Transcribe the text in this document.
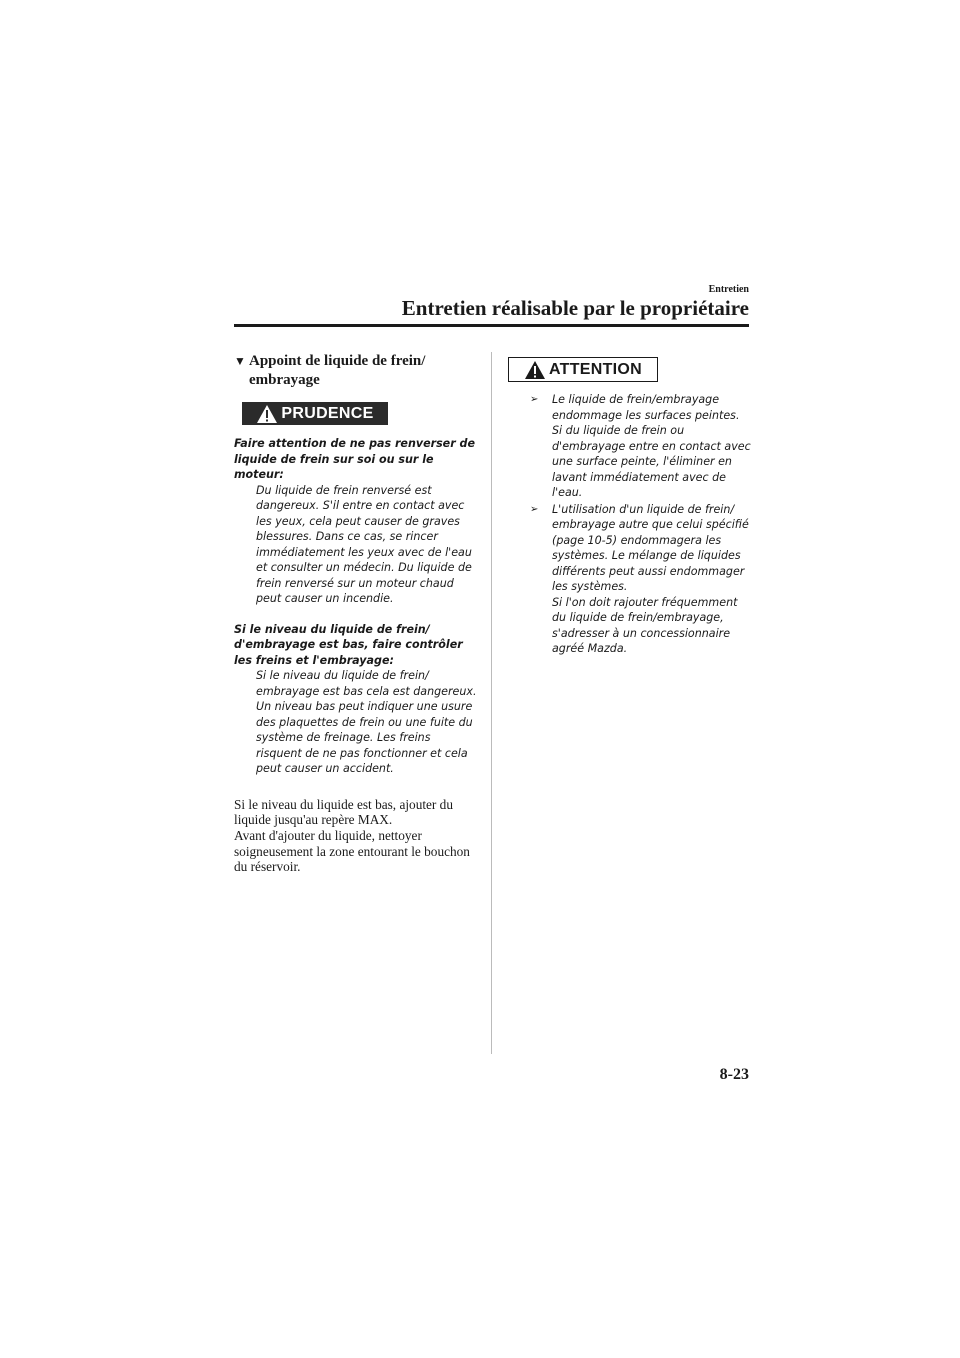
Entretien
Entretien réalisable par le propriétaire
▼ Appoint de liquide de frein/ embrayage
PRUDENCE

Faire attention de ne pas renverser de liquide de frein sur soi ou sur le moteur:

Du liquide de frein renversé est dangereux. S'il entre en contact avec les yeux, cela peut causer de graves blessures. Dans ce cas, se rincer immédiatement les yeux avec de l'eau et consulter un médecin. Du liquide de frein renversé sur un moteur chaud peut causer un incendie.

Si le niveau du liquide de frein/ d'embrayage est bas, faire contrôler les freins et l'embrayage:

Si le niveau du liquide de frein/ embrayage est bas cela est dangereux. Un niveau bas peut indiquer une usure des plaquettes de frein ou une fuite du système de freinage. Les freins risquent de ne pas fonctionner et cela peut causer un accident.

Si le niveau du liquide est bas, ajouter du liquide jusqu'au repère MAX.
Avant d'ajouter du liquide, nettoyer soigneusement la zone entourant le bouchon du réservoir.
ATTENTION
➢	Le liquide de frein/embrayage endommage les surfaces peintes.
Si du liquide de frein ou d'embrayage entre en contact avec une surface peinte, l'éliminer en lavant immédiatement avec de l'eau.
➢	L'utilisation d'un liquide de frein/ embrayage autre que celui spécifié (page 10-5) endommagera les systèmes. Le mélange de liquides différents peut aussi endommager les systèmes.
Si l'on doit rajouter fréquemment du liquide de frein/embrayage, s'adresser à un concessionnaire agréé Mazda.
8-23
